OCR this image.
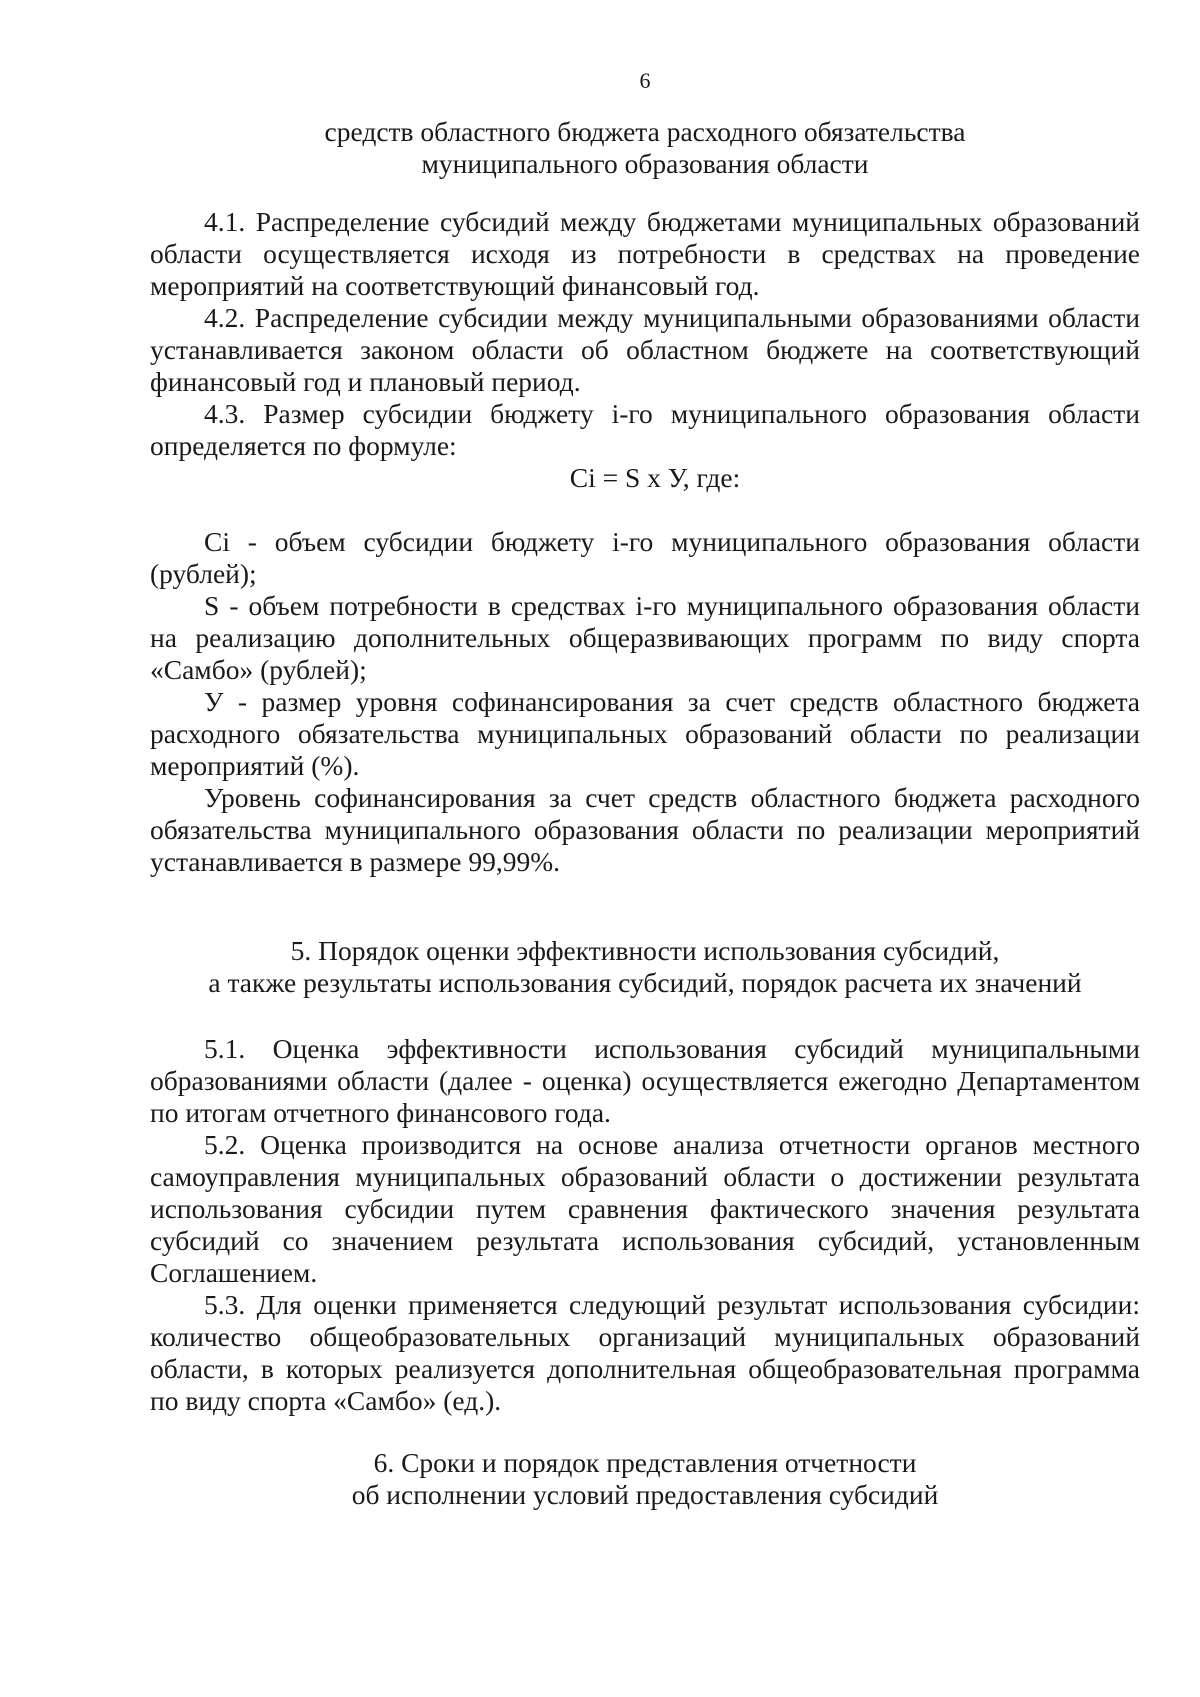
6

средств областного бюджета расходного обязательства

муниципального образования области

4.1. Распределение субсидий между бюджетами муниципальных образований области осуществляется исходя из потребности в средствах на проведение мероприятий на соответствующий финансовый год.

4.2. Распределение субсидии между муниципальными образованиями области устанавливается законом области об областном бюджете на соответствующий финансовый год и плановый период.

4.3. Размер субсидии бюджету i-го муниципального образования области определяется по формуле:

Ci = S x У, где:

Ci - объем субсидии бюджету i-го муниципального образования области (рублей);

S - объем потребности в средствах i-го муниципального образования области на реализацию дополнительных общеразвивающих программ по виду спорта «Самбо» (рублей);

У - размер уровня софинансирования за счет средств областного бюджета расходного обязательства муниципальных образований области по реализации мероприятий (%).

Уровень софинансирования за счет средств областного бюджета расходного обязательства муниципального образования области по реализации мероприятий устанавливается в размере 99,99%.

5. Порядок оценки эффективности использования субсидий,

а также результаты использования субсидий, порядок расчета их значений

5.1. Оценка эффективности использования субсидий муниципальными образованиями области (далее - оценка) осуществляется ежегодно Департаментом по итогам отчетного финансового года.

5.2. Оценка производится на основе анализа отчетности органов местного самоуправления муниципальных образований области о достижении результата использования субсидии путем сравнения фактического значения результата субсидий со значением результата использования субсидий, установленным Соглашением.

5.3. Для оценки применяется следующий результат использования субсидии: количество общеобразовательных организаций муниципальных образований области, в которых реализуется дополнительная общеобразовательная программа по виду спорта «Самбо» (ед.).

6. Сроки и порядок представления отчетности

об исполнении условий предоставления субсидий
